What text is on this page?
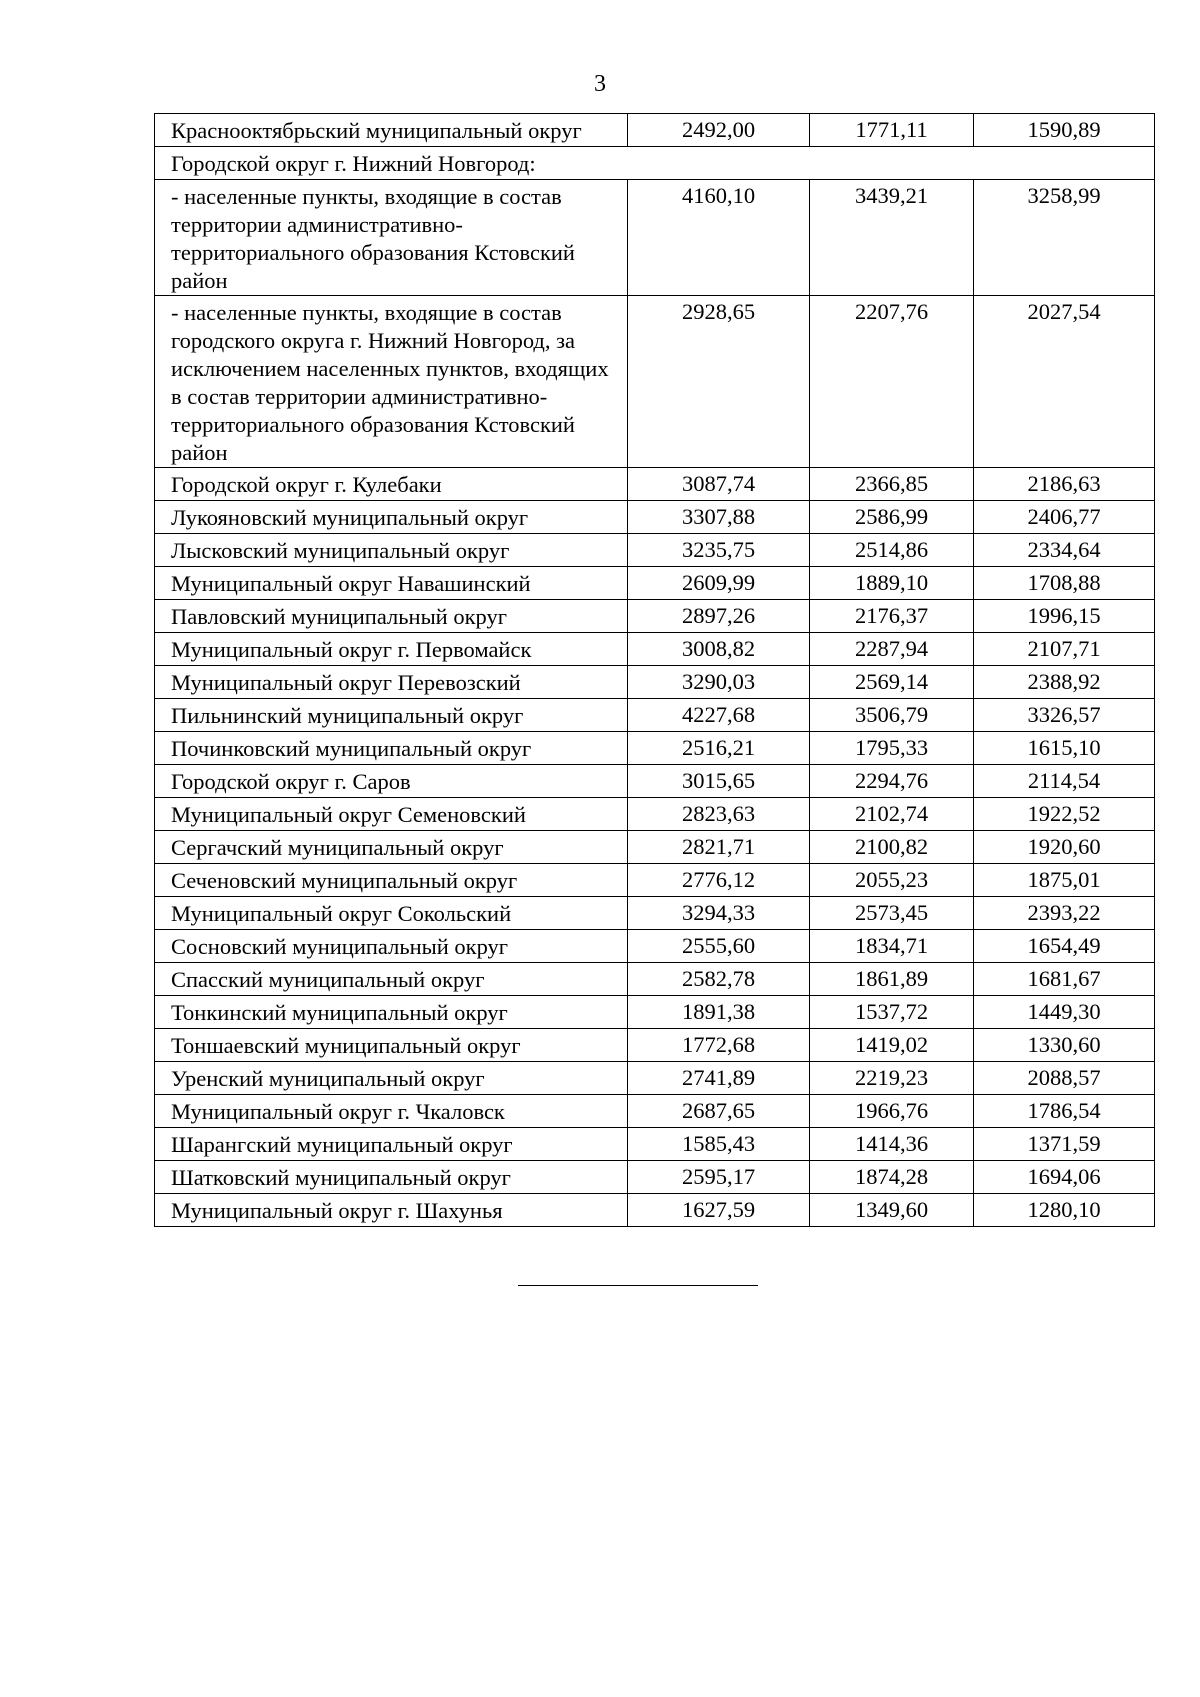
3
Краснооктябрьский муниципальный округ	2492,00	1771,11	1590,89
Городской округ г. Нижний Новгород:			
- населенные пункты, входящие в состав территории административно-территориального образования Кстовский район	4160,10	3439,21	3258,99
- населенные пункты, входящие в состав городского округа г. Нижний Новгород, за исключением населенных пунктов, входящих в состав территории административно-территориального образования Кстовский район	2928,65	2207,76	2027,54
Городской округ г. Кулебаки	3087,74	2366,85	2186,63
Лукояновский муниципальный округ	3307,88	2586,99	2406,77
Лысковский муниципальный округ	3235,75	2514,86	2334,64
Муниципальный округ Навашинский	2609,99	1889,10	1708,88
Павловский муниципальный округ	2897,26	2176,37	1996,15
Муниципальный округ г. Первомайск	3008,82	2287,94	2107,71
Муниципальный округ Перевозский	3290,03	2569,14	2388,92
Пильнинский муниципальный округ	4227,68	3506,79	3326,57
Починковский муниципальный округ	2516,21	1795,33	1615,10
Городской округ г. Саров	3015,65	2294,76	2114,54
Муниципальный округ Семеновский	2823,63	2102,74	1922,52
Сергачский муниципальный округ	2821,71	2100,82	1920,60
Сеченовский муниципальный округ	2776,12	2055,23	1875,01
Муниципальный округ Сокольский	3294,33	2573,45	2393,22
Сосновский муниципальный округ	2555,60	1834,71	1654,49
Спасский муниципальный округ	2582,78	1861,89	1681,67
Тонкинский муниципальный округ	1891,38	1537,72	1449,30
Тоншаевский муниципальный округ	1772,68	1419,02	1330,60
Уренский муниципальный округ	2741,89	2219,23	2088,57
Муниципальный округ г. Чкаловск	2687,65	1966,76	1786,54
Шарангский муниципальный округ	1585,43	1414,36	1371,59
Шатковский муниципальный округ	2595,17	1874,28	1694,06
Муниципальный округ г. Шахунья	1627,59	1349,60	1280,10
